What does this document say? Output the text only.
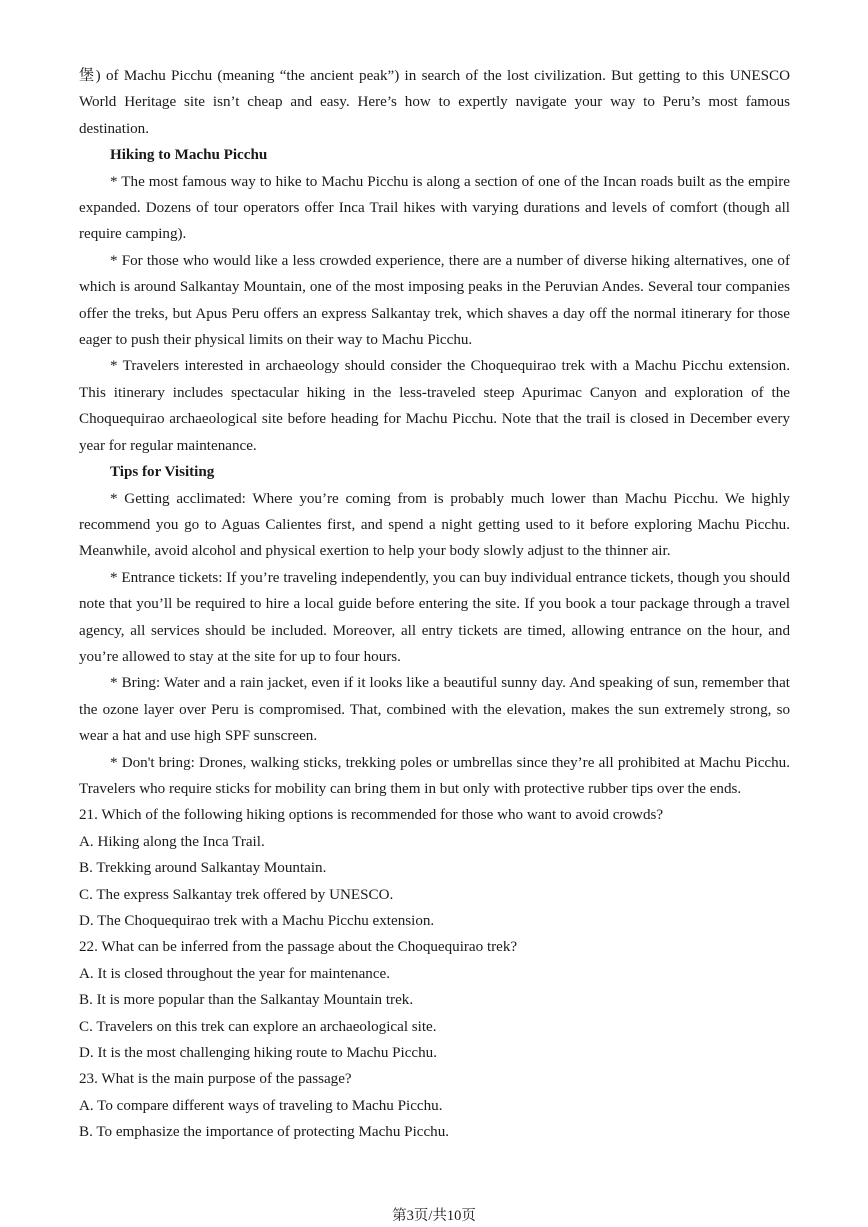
堡) of Machu Picchu (meaning “the ancient peak”) in search of the lost civilization. But getting to this UNESCO World Heritage site isn’t cheap and easy. Here’s how to expertly navigate your way to Peru’s most famous destination.

Hiking to Machu Picchu

* The most famous way to hike to Machu Picchu is along a section of one of the Incan roads built as the empire expanded. Dozens of tour operators offer Inca Trail hikes with varying durations and levels of comfort (though all require camping).

* For those who would like a less crowded experience, there are a number of diverse hiking alternatives, one of which is around Salkantay Mountain, one of the most imposing peaks in the Peruvian Andes. Several tour companies offer the treks, but Apus Peru offers an express Salkantay trek, which shaves a day off the normal itinerary for those eager to push their physical limits on their way to Machu Picchu.

* Travelers interested in archaeology should consider the Choquequirao trek with a Machu Picchu extension. This itinerary includes spectacular hiking in the less-traveled steep Apurimac Canyon and exploration of the Choquequirao archaeological site before heading for Machu Picchu. Note that the trail is closed in December every year for regular maintenance.

Tips for Visiting

* Getting acclimated: Where you’re coming from is probably much lower than Machu Picchu. We highly recommend you go to Aguas Calientes first, and spend a night getting used to it before exploring Machu Picchu. Meanwhile, avoid alcohol and physical exertion to help your body slowly adjust to the thinner air.

* Entrance tickets: If you’re traveling independently, you can buy individual entrance tickets, though you should note that you’ll be required to hire a local guide before entering the site. If you book a tour package through a travel agency, all services should be included. Moreover, all entry tickets are timed, allowing entrance on the hour, and you’re allowed to stay at the site for up to four hours.

* Bring: Water and a rain jacket, even if it looks like a beautiful sunny day. And speaking of sun, remember that the ozone layer over Peru is compromised. That, combined with the elevation, makes the sun extremely strong, so wear a hat and use high SPF sunscreen.

* Don't bring: Drones, walking sticks, trekking poles or umbrellas since they’re all prohibited at Machu Picchu. Travelers who require sticks for mobility can bring them in but only with protective rubber tips over the ends.

21. Which of the following hiking options is recommended for those who want to avoid crowds?

A. Hiking along the Inca Trail.

B. Trekking around Salkantay Mountain.

C. The express Salkantay trek offered by UNESCO.

D. The Choquequirao trek with a Machu Picchu extension.

22. What can be inferred from the passage about the Choquequirao trek?

A. It is closed throughout the year for maintenance.

B. It is more popular than the Salkantay Mountain trek.

C. Travelers on this trek can explore an archaeological site.

D. It is the most challenging hiking route to Machu Picchu.

23. What is the main purpose of the passage?

A. To compare different ways of traveling to Machu Picchu.

B. To emphasize the importance of protecting Machu Picchu.

第3页/共10页
